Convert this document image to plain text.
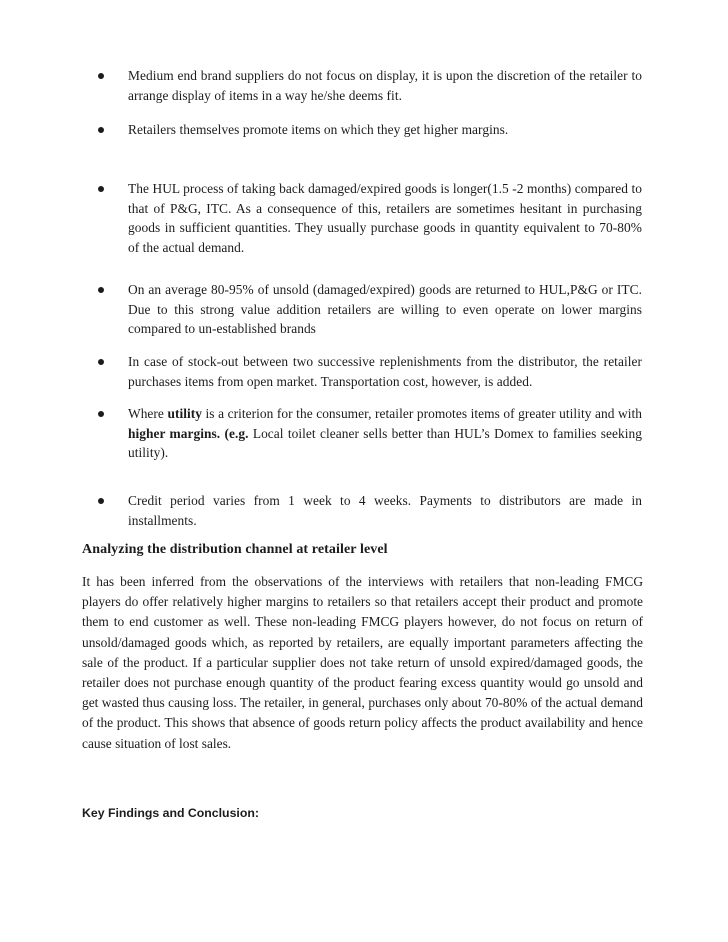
Medium end brand suppliers do not focus on display, it is upon the discretion of the retailer to arrange display of items in a way he/she deems fit.
Retailers themselves promote items on which they get higher margins.
The HUL process of taking back damaged/expired goods is longer(1.5 -2 months) compared to that of P&G, ITC. As a consequence of this, retailers are sometimes hesitant in purchasing goods in sufficient quantities. They usually purchase goods in quantity equivalent to 70-80% of the actual demand.
On an average 80-95% of unsold (damaged/expired) goods are returned to HUL,P&G or ITC. Due to this strong value addition retailers are willing to even operate on lower margins compared to un-established brands
In case of stock-out between two successive replenishments from the distributor, the retailer purchases items from open market. Transportation cost, however, is added.
Where utility is a criterion for the consumer, retailer promotes items of greater utility and with higher margins. (e.g. Local toilet cleaner sells better than HUL’s Domex to families seeking utility).
Credit period varies from 1 week to 4 weeks. Payments to distributors are made in installments.
Analyzing the distribution channel at retailer level
It has been inferred from the observations of the interviews with retailers that non-leading FMCG players do offer relatively higher margins to retailers so that retailers accept their product and promote them to end customer as well. These non-leading FMCG players however, do not focus on return of unsold/damaged goods which, as reported by retailers, are equally important parameters affecting the sale of the product. If a particular supplier does not take return of unsold expired/damaged goods, the retailer does not purchase enough quantity of the product fearing excess quantity would go unsold and get wasted thus causing loss. The retailer, in general, purchases only about 70-80% of the actual demand of the product. This shows that absence of goods return policy affects the product availability and hence cause situation of lost sales.
Key Findings and Conclusion:
